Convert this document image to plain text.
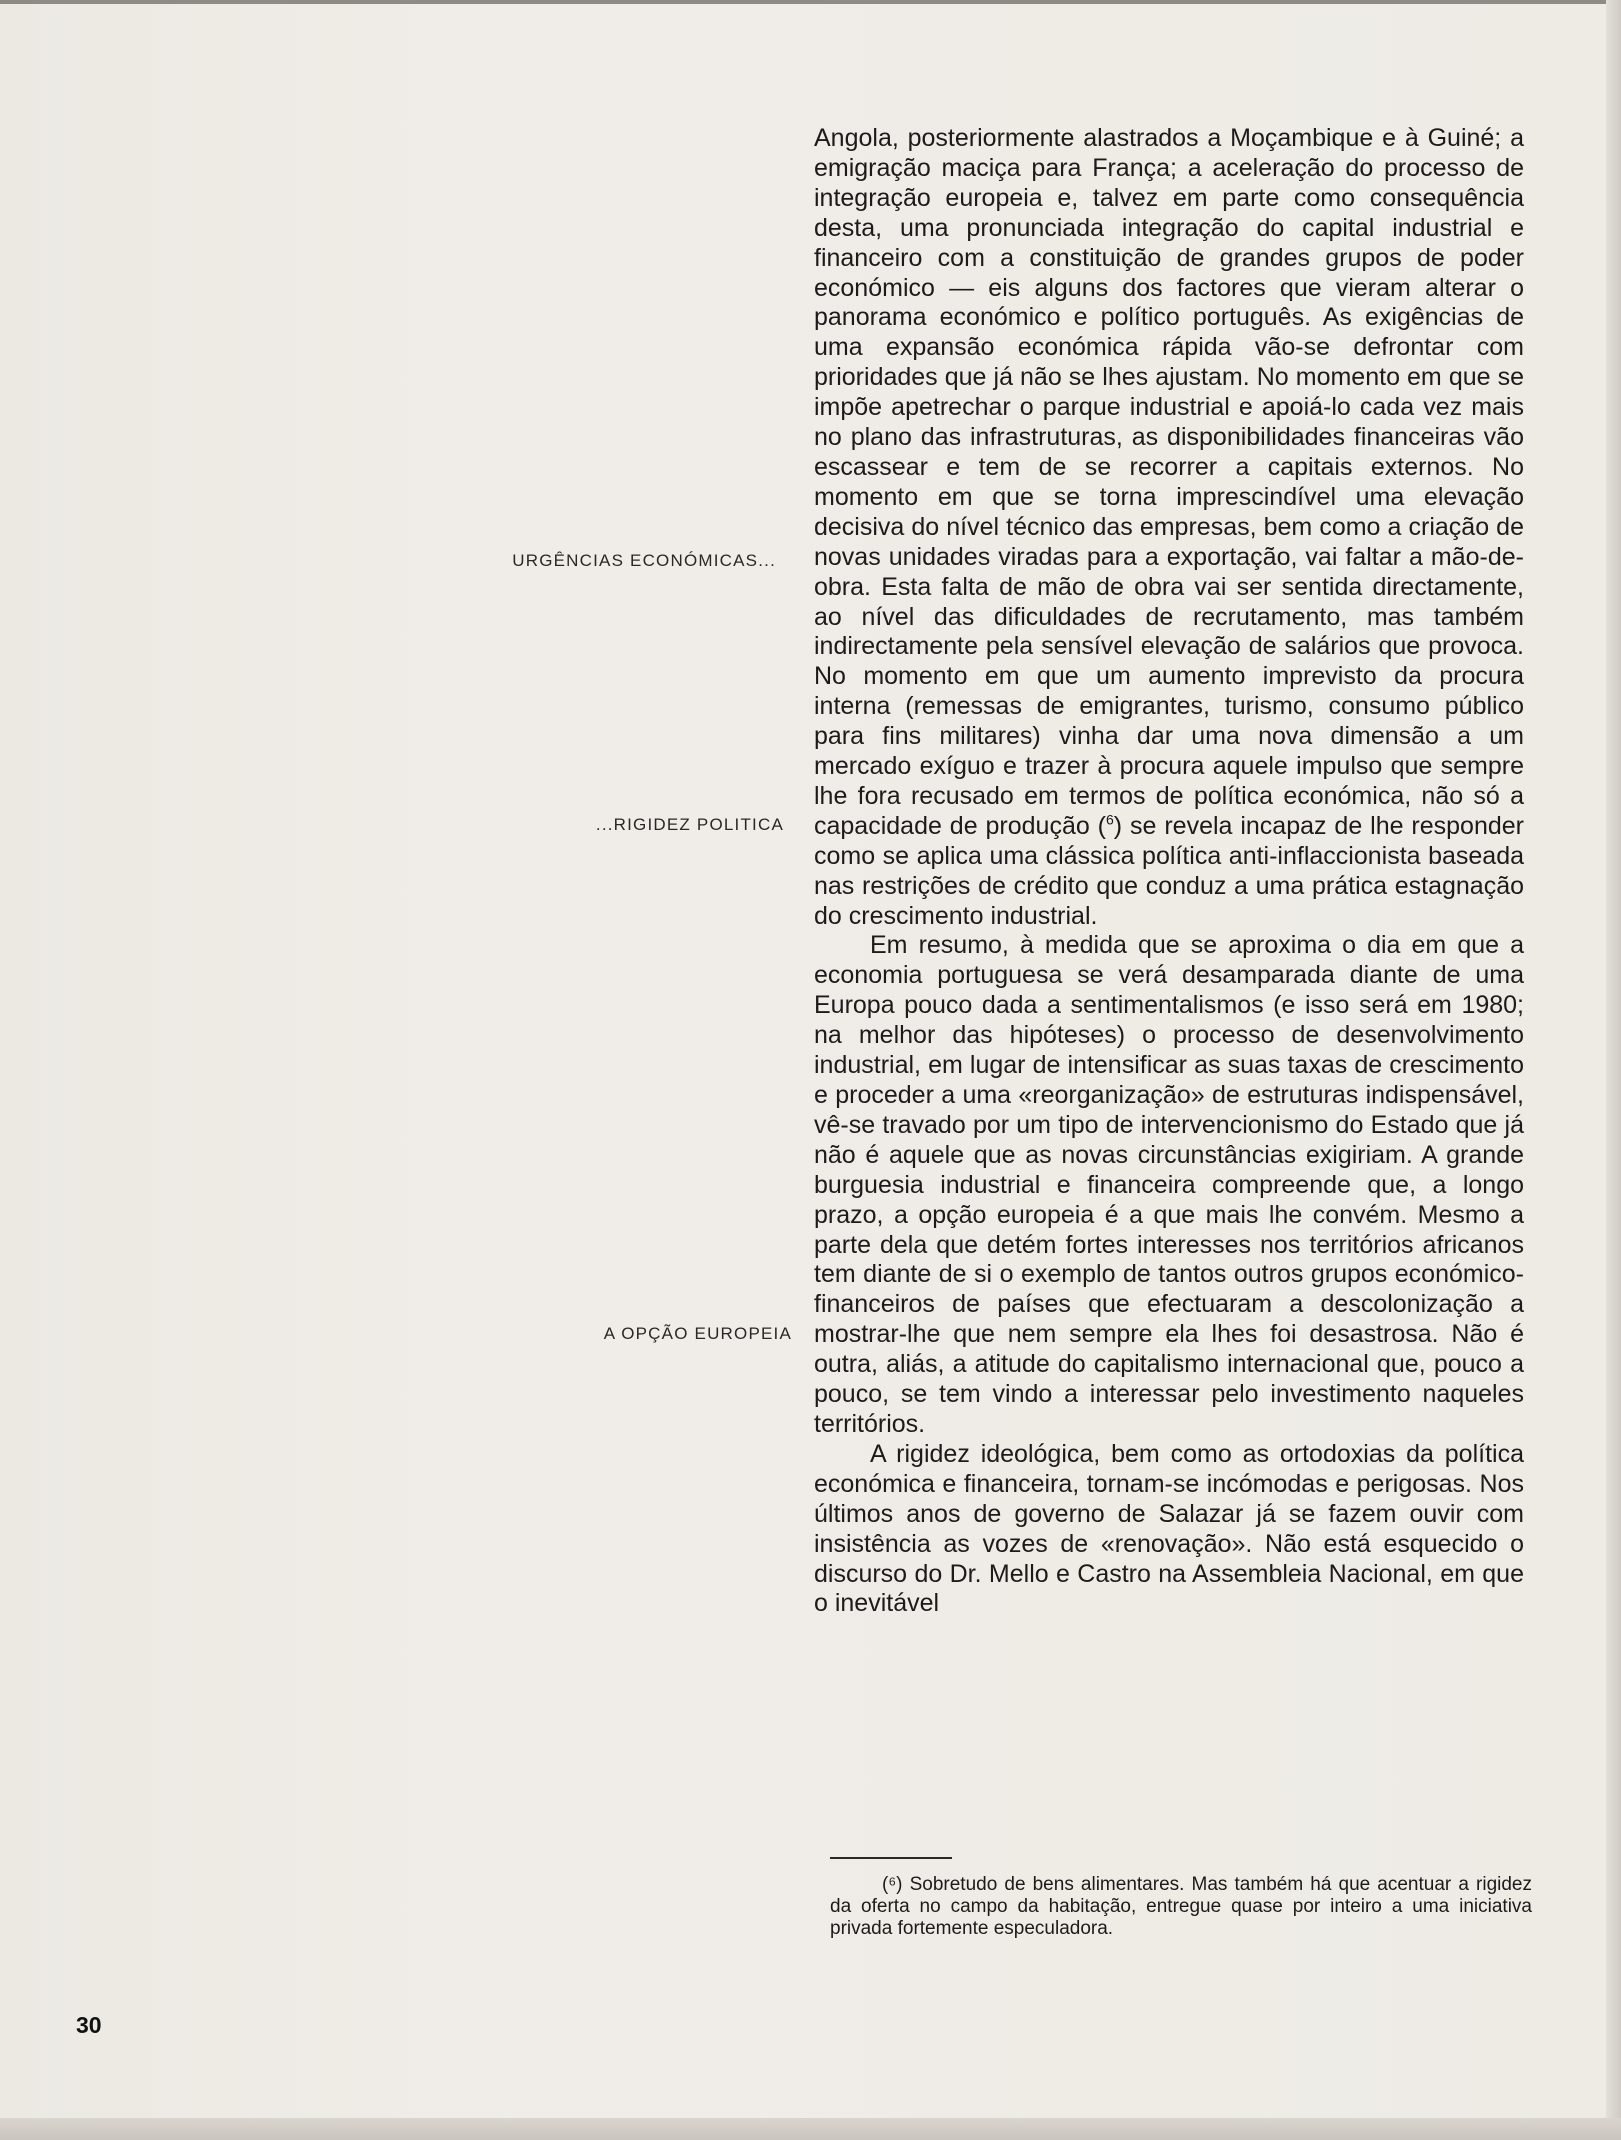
URGÊNCIAS ECONÓMICAS...
...RIGIDEZ POLITICA
A OPÇÃO EUROPEIA

Angola, posteriormente alastrados a Moçambique e à Guiné; a emigração maciça para França; a aceleração do processo de integração europeia e, talvez em parte como consequência desta, uma pronunciada integração do capital industrial e financeiro com a constituição de grandes grupos de poder económico — eis alguns dos factores que vieram alterar o panorama económico e político português. As exigências de uma expansão económica rápida vão-se defrontar com prioridades que já não se lhes ajustam. No momento em que se impõe apetrechar o parque industrial e apoiá-lo cada vez mais no plano das infrastruturas, as disponibilidades financeiras vão escassear e tem de se recorrer a capitais externos. No momento em que se torna imprescindível uma elevação decisiva do nível técnico das empresas, bem como a criação de novas unidades viradas para a exportação, vai faltar a mão-de-obra. Esta falta de mão de obra vai ser sentida directamente, ao nível das dificuldades de recrutamento, mas também indirectamente pela sensível elevação de salários que provoca. No momento em que um aumento imprevisto da procura interna (remessas de emigrantes, turismo, consumo público para fins militares) vinha dar uma nova dimensão a um mercado exíguo e trazer à procura aquele impulso que sempre lhe fora recusado em termos de política económica, não só a capacidade de produção ($^6$) se revela incapaz de lhe responder como se aplica uma clássica política anti-inflaccionista baseada nas restrições de crédito que conduz a uma prática estagnação do crescimento industrial.

Em resumo, à medida que se aproxima o dia em que a economia portuguesa se verá desamparada diante de uma Europa pouco dada a sentimentalismos (e isso será em 1980; na melhor das hipóteses) o processo de desenvolvimento industrial, em lugar de intensificar as suas taxas de crescimento e proceder a uma «reorganização» de estruturas indispensável, vê-se travado por um tipo de intervencionismo do Estado que já não é aquele que as novas circunstâncias exigiriam. A grande burguesia industrial e financeira compreende que, a longo prazo, a opção europeia é a que mais lhe convém. Mesmo a parte dela que detém fortes interesses nos territórios africanos tem diante de si o exemplo de tantos outros grupos económico-financeiros de países que efectuaram a descolonização a mostrar-lhe que nem sempre ela lhes foi desastrosa. Não é outra, aliás, a atitude do capitalismo internacional que, pouco a pouco, se tem vindo a interessar pelo investimento naqueles territórios.

A rigidez ideológica, bem como as ortodoxias da política económica e financeira, tornam-se incómodas e perigosas. Nos últimos anos de governo de Salazar já se fazem ouvir com insistência as vozes de «renovação». Não está esquecido o discurso do Dr. Mello e Castro na Assembleia Nacional, em que o inevitável

(⁶) Sobretudo de bens alimentares. Mas também há que acentuar a rigidez da oferta no campo da habitação, entregue quase por inteiro a uma iniciativa privada fortemente especuladora.
30
